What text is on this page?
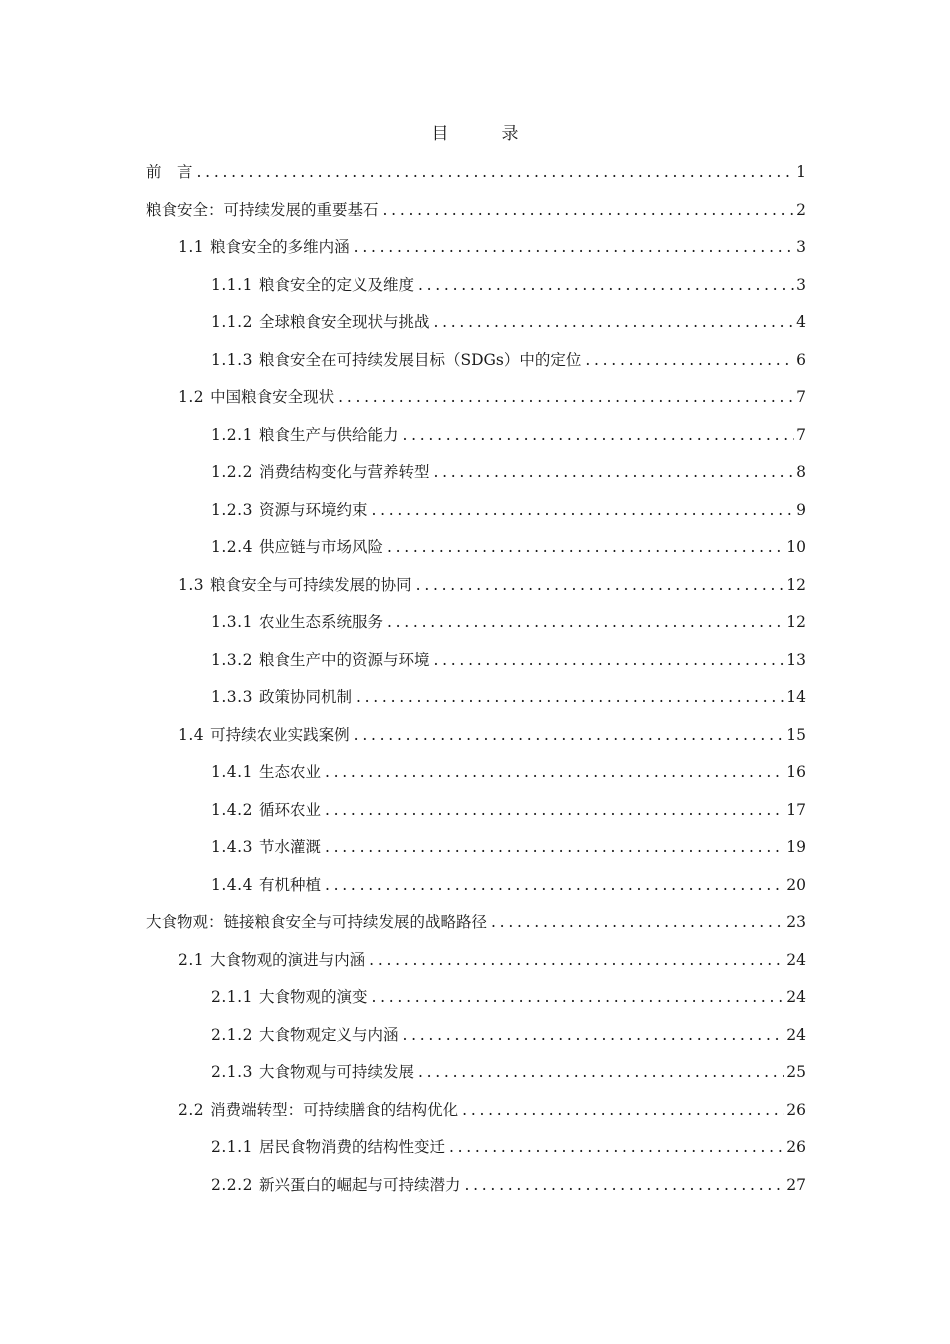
目　录
前　言 . . .	1
粮食安全：可持续发展的重要基石 . . .	2
1.1 粮食安全的多维内涵 . . .	3
1.1.1 粮食安全的定义及维度 . . .	3
1.1.2 全球粮食安全现状与挑战 . . .	4
1.1.3 粮食安全在可持续发展目标（SDGs）中的定位 . . .	6
1.2 中国粮食安全现状 . . .	7
1.2.1 粮食生产与供给能力 . . .	7
1.2.2 消费结构变化与营养转型 . . .	8
1.2.3 资源与环境约束 . . .	9
1.2.4 供应链与市场风险 . . .	10
1.3 粮食安全与可持续发展的协同 . . .	12
1.3.1 农业生态系统服务 . . .	12
1.3.2 粮食生产中的资源与环境 . . .	13
1.3.3 政策协同机制 . . .	14
1.4 可持续农业实践案例 . . .	15
1.4.1 生态农业 . . .	16
1.4.2 循环农业 . . .	17
1.4.3 节水灌溉 . . .	19
1.4.4 有机种植 . . .	20
大食物观：链接粮食安全与可持续发展的战略路径 . . .	23
2.1 大食物观的演进与内涵 . . .	24
2.1.1 大食物观的演变 . . .	24
2.1.2 大食物观定义与内涵 . . .	24
2.1.3 大食物观与可持续发展 . . .	25
2.2 消费端转型：可持续膳食的结构优化 . . .	26
2.1.1 居民食物消费的结构性变迁 . . .	26
2.2.2 新兴蛋白的崛起与可持续潜力 . . .	27
